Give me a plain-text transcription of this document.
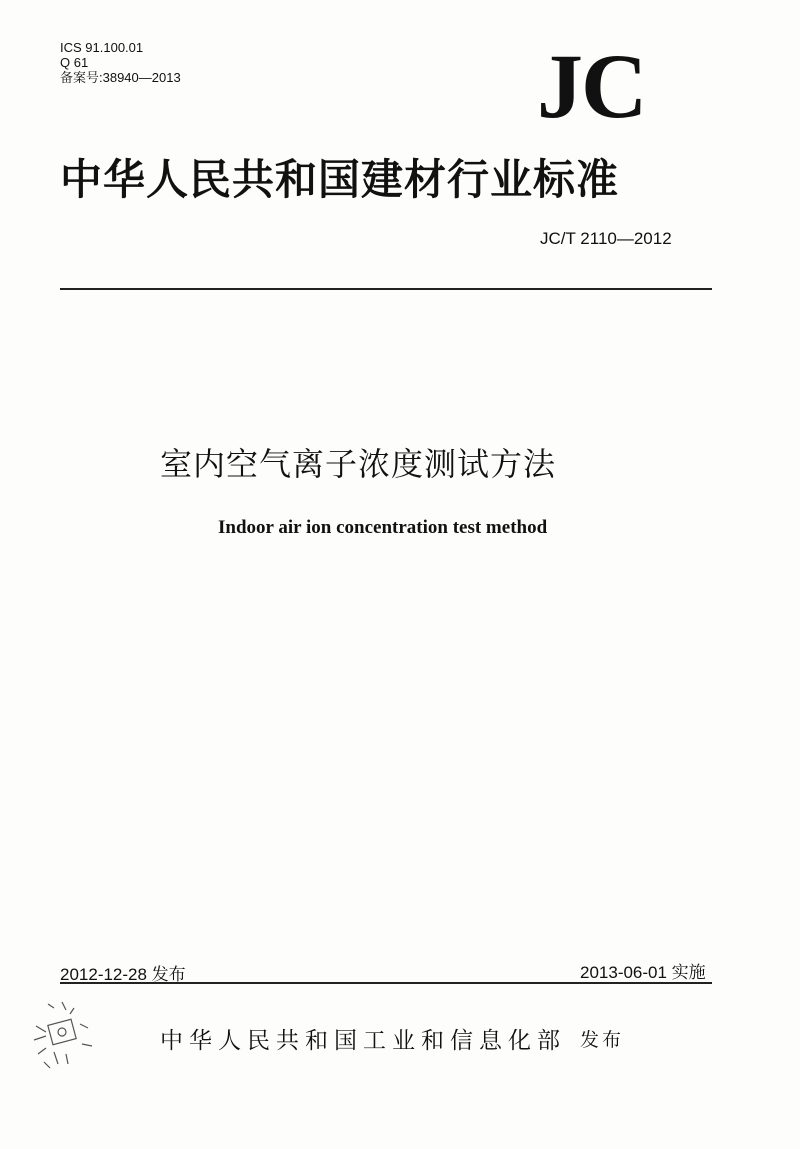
ICS 91.100.01
Q 61
备案号:38940—2013	JC
中华人民共和国建材行业标准
JC/T 2110—2012
室内空气离子浓度测试方法
Indoor air ion concentration test method
2012-12-28 发布	2013-06-01 实施
中华人民共和国工业和信息化部 发布
